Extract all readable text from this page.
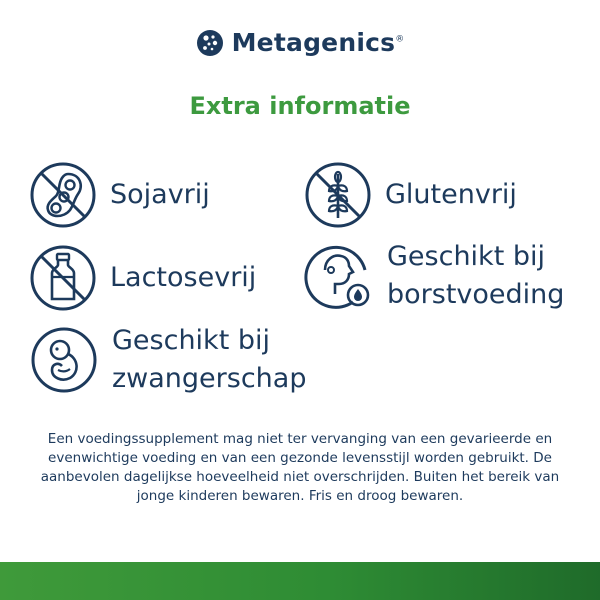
Metagenics®
Extra informatie
Sojavrij	Glutenvrij
Lactosevrij
Geschikt bij
borstvoeding
Geschikt bij
zwangerschap
Een voedingssupplement mag niet ter vervanging van een gevarieerde en evenwichtige voeding en van een gezonde levensstijl worden gebruikt. De aanbevolen dagelijkse hoeveelheid niet overschrijden. Buiten het bereik van jonge kinderen bewaren. Fris en droog bewaren.
